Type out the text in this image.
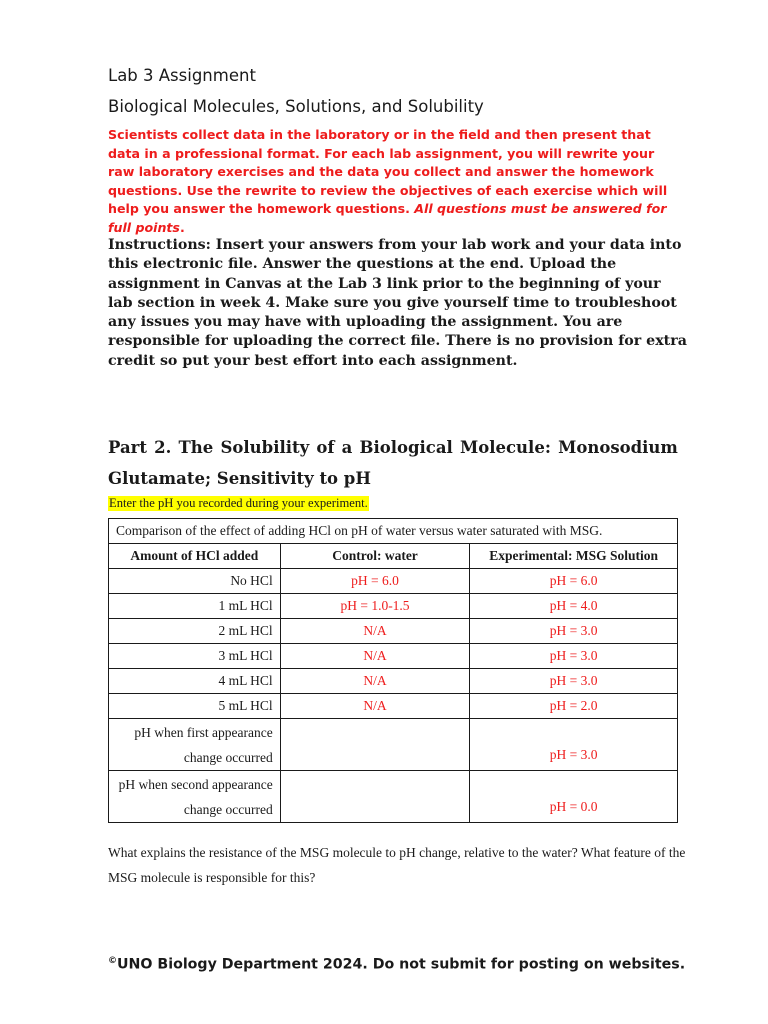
Lab 3 Assignment
Biological Molecules, Solutions, and Solubility
Scientists collect data in the laboratory or in the field and then present that data in a professional format. For each lab assignment, you will rewrite your raw laboratory exercises and the data you collect and answer the homework questions. Use the rewrite to review the objectives of each exercise which will help you answer the homework questions. All questions must be answered for full points.
Instructions: Insert your answers from your lab work and your data into this electronic file. Answer the questions at the end. Upload the assignment in Canvas at the Lab 3 link prior to the beginning of your lab section in week 4. Make sure you give yourself time to troubleshoot any issues you may have with uploading the assignment. You are responsible for uploading the correct file. There is no provision for extra credit so put your best effort into each assignment.
Part 2. The Solubility of a Biological Molecule: Monosodium
Glutamate; Sensitivity to pH
Enter the pH you recorded during your experiment.
Comparison of the effect of adding HCl on pH of water versus water saturated with MSG.		
Amount of HCl added	Control: water	Experimental: MSG Solution
No HCl	pH = 6.0	pH = 6.0
1 mL HCl	pH = 1.0-1.5	pH = 4.0
2 mL HCl	N/A	pH = 3.0
3 mL HCl	N/A	pH = 3.0
4 mL HCl	N/A	pH = 3.0
5 mL HCl	N/A	pH = 2.0
pH when first appearance
change occurred		pH = 3.0
pH when second appearance
change occurred		pH = 0.0
What explains the resistance of the MSG molecule to pH change, relative to the water? What feature of the MSG molecule is responsible for this?
©UNO Biology Department 2024. Do not submit for posting on websites.
